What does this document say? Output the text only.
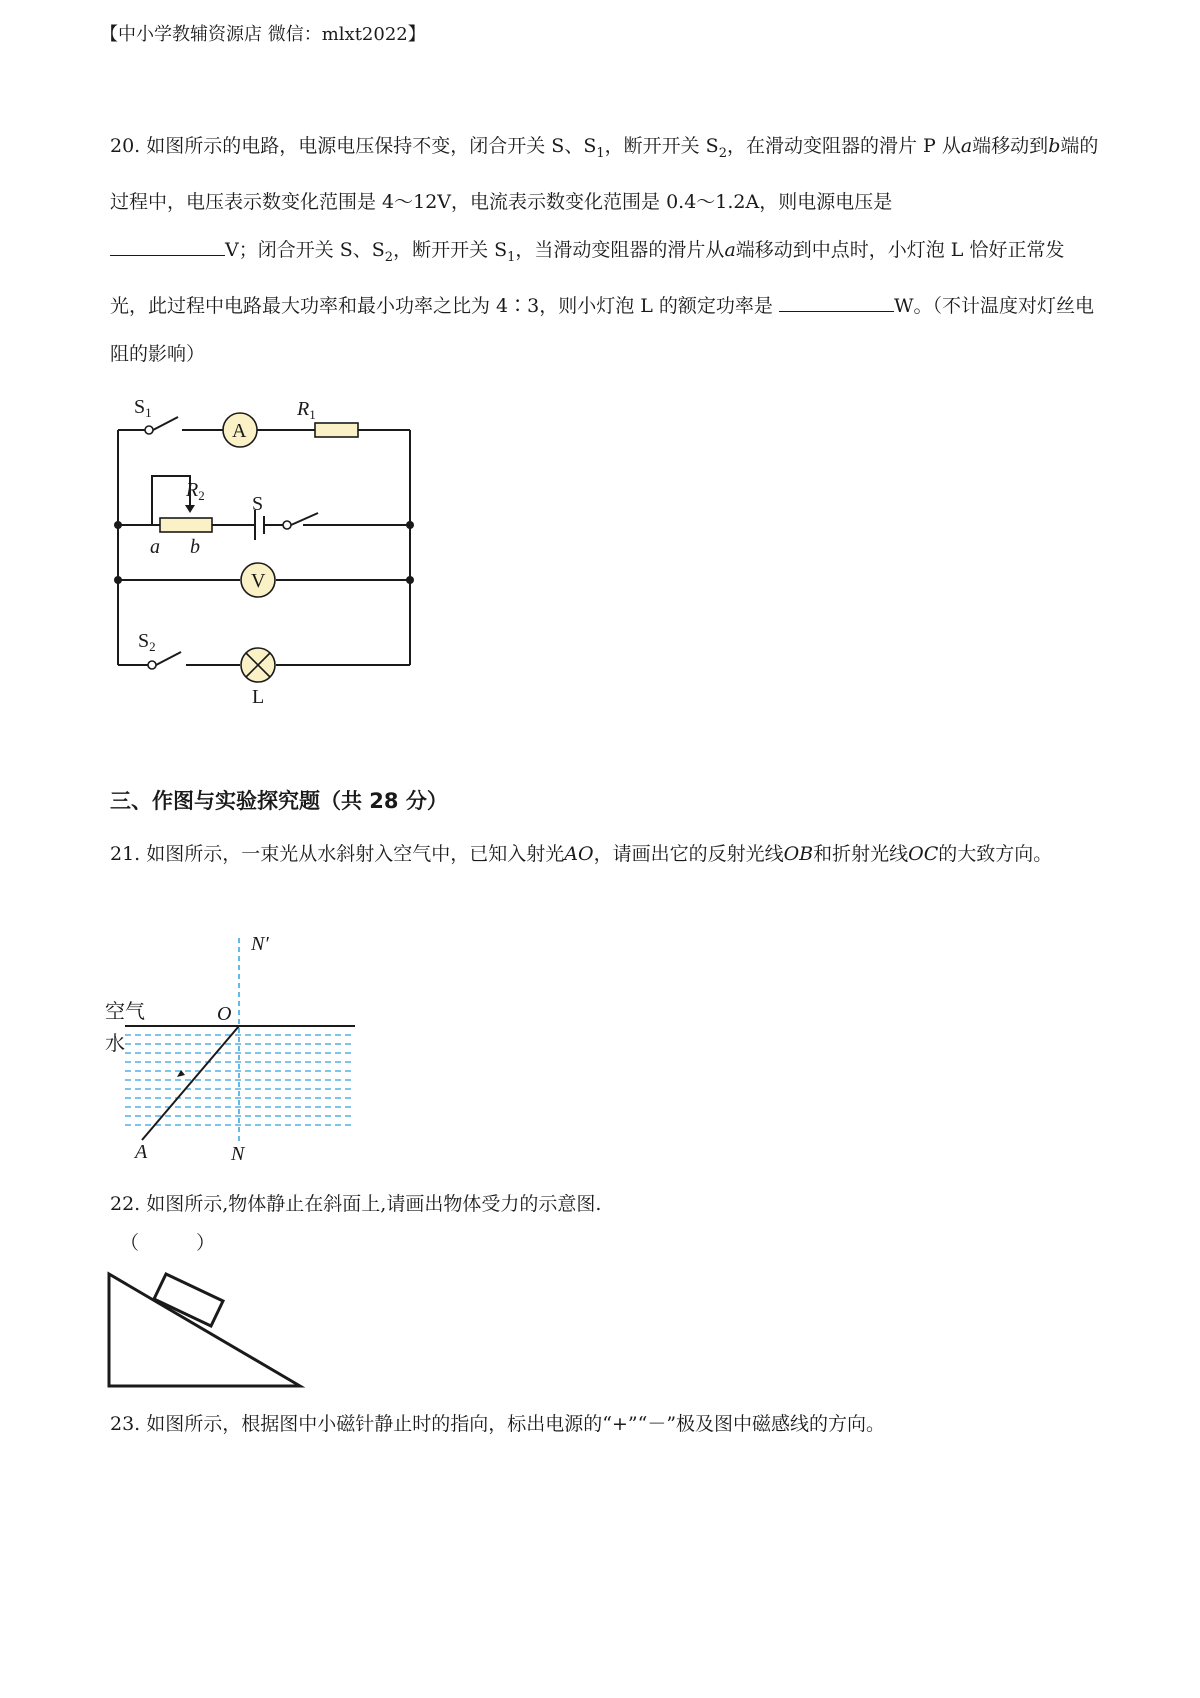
【中小学教辅资源店 微信：mlxt2022】
20. 如图所示的电路，电源电压保持不变，闭合开关 S、$S_1$，断开开关 $S_2$，在滑动变阻器的滑片 P 从a端移动到b端的过程中，电压表示数变化范围是 4～12V，电流表示数变化范围是 0.4～1.2A，则电源电压是
V；闭合开关 S、$S_2$，断开开关 $S_1$，当滑动变阻器的滑片从a端移动到中点时，小灯泡 L 恰好正常发光，此过程中电路最大功率和最小功率之比为 4∶3，则小灯泡 L 的额定功率是	W。（不计温度对灯丝电阻的影响）
$S_1$
A
$R_1$
$R_2$ S
a b
V
$S_2$
L
三、作图与实验探究题（共 28 分）
21. 如图所示，一束光从水斜射入空气中，已知入射光AO，请画出它的反射光线OB和折射光线OC的大致方向。
N′
O
空气
水
A	N
22. 如图所示,物体静止在斜面上,请画出物体受力的示意图.
（　　　）
23. 如图所示，根据图中小磁针静止时的指向，标出电源的“+”“－”极及图中磁感线的方向。
